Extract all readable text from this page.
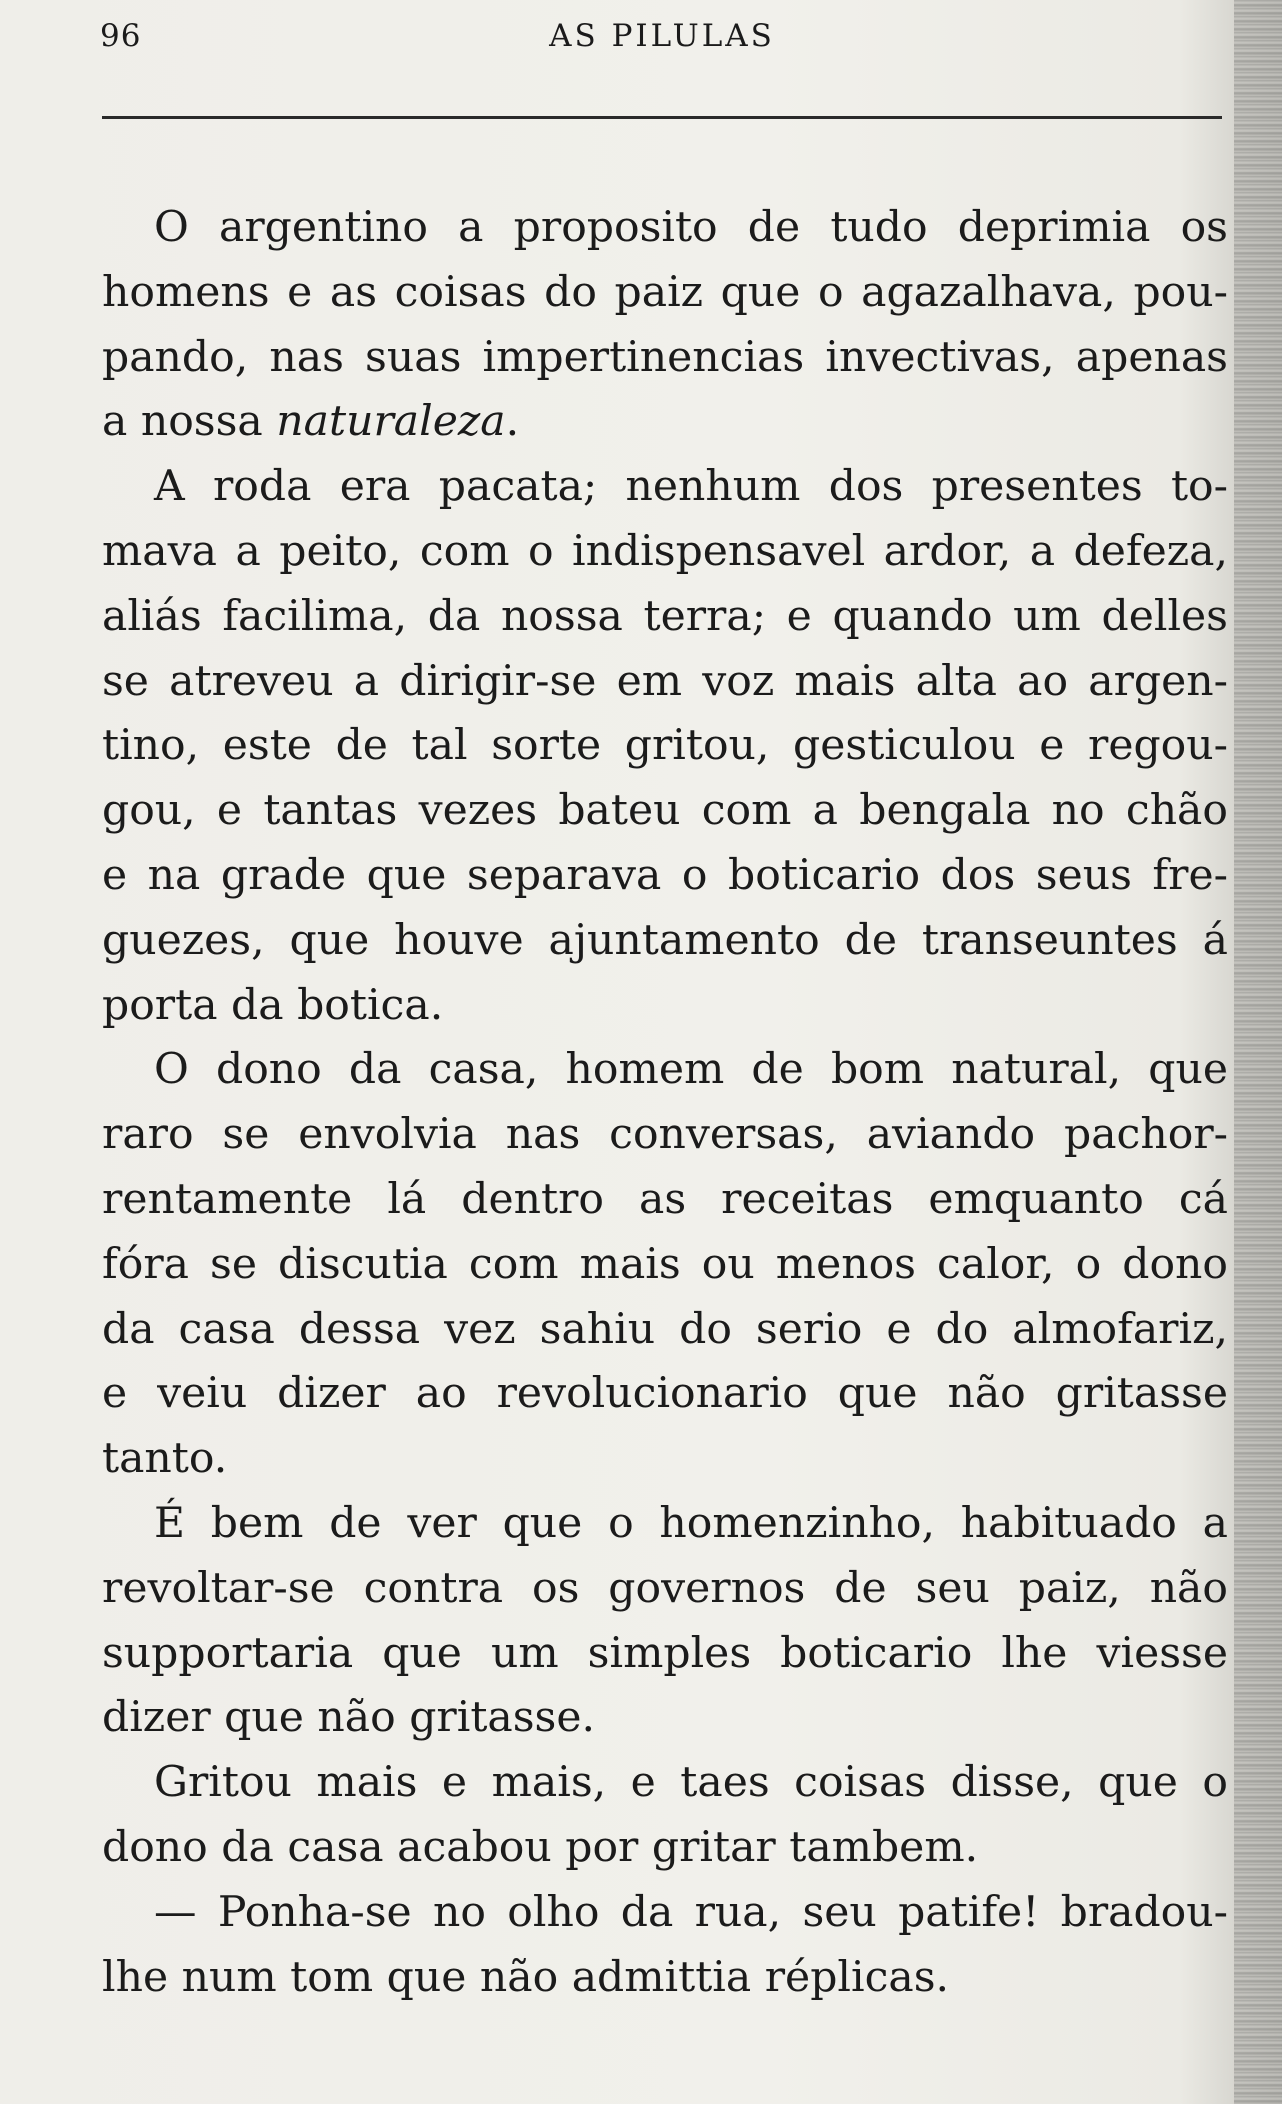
96	AS PILULAS
O argentino a proposito de tudo deprimia os
homens e as coisas do paiz que o agazalhava, pou-
pando, nas suas impertinencias invectivas, apenas
a nossa naturaleza.
A roda era pacata; nenhum dos presentes to-
mava a peito, com o indispensavel ardor, a defeza,
aliás facilima, da nossa terra; e quando um delles
se atreveu a dirigir-se em voz mais alta ao argen-
tino, este de tal sorte gritou, gesticulou e regou-
gou, e tantas vezes bateu com a bengala no chão
e na grade que separava o boticario dos seus fre-
guezes, que houve ajuntamento de transeuntes á
porta da botica.
O dono da casa, homem de bom natural, que
raro se envolvia nas conversas, aviando pachor-
rentamente lá dentro as receitas emquanto cá
fóra se discutia com mais ou menos calor, o dono
da casa dessa vez sahiu do serio e do almofariz,
e veiu dizer ao revolucionario que não gritasse
tanto.
É bem de ver que o homenzinho, habituado a
revoltar-se contra os governos de seu paiz, não
supportaria que um simples boticario lhe viesse
dizer que não gritasse.
Gritou mais e mais, e taes coisas disse, que o
dono da casa acabou por gritar tambem.
— Ponha-se no olho da rua, seu patife! bradou-
lhe num tom que não admittia réplicas.
